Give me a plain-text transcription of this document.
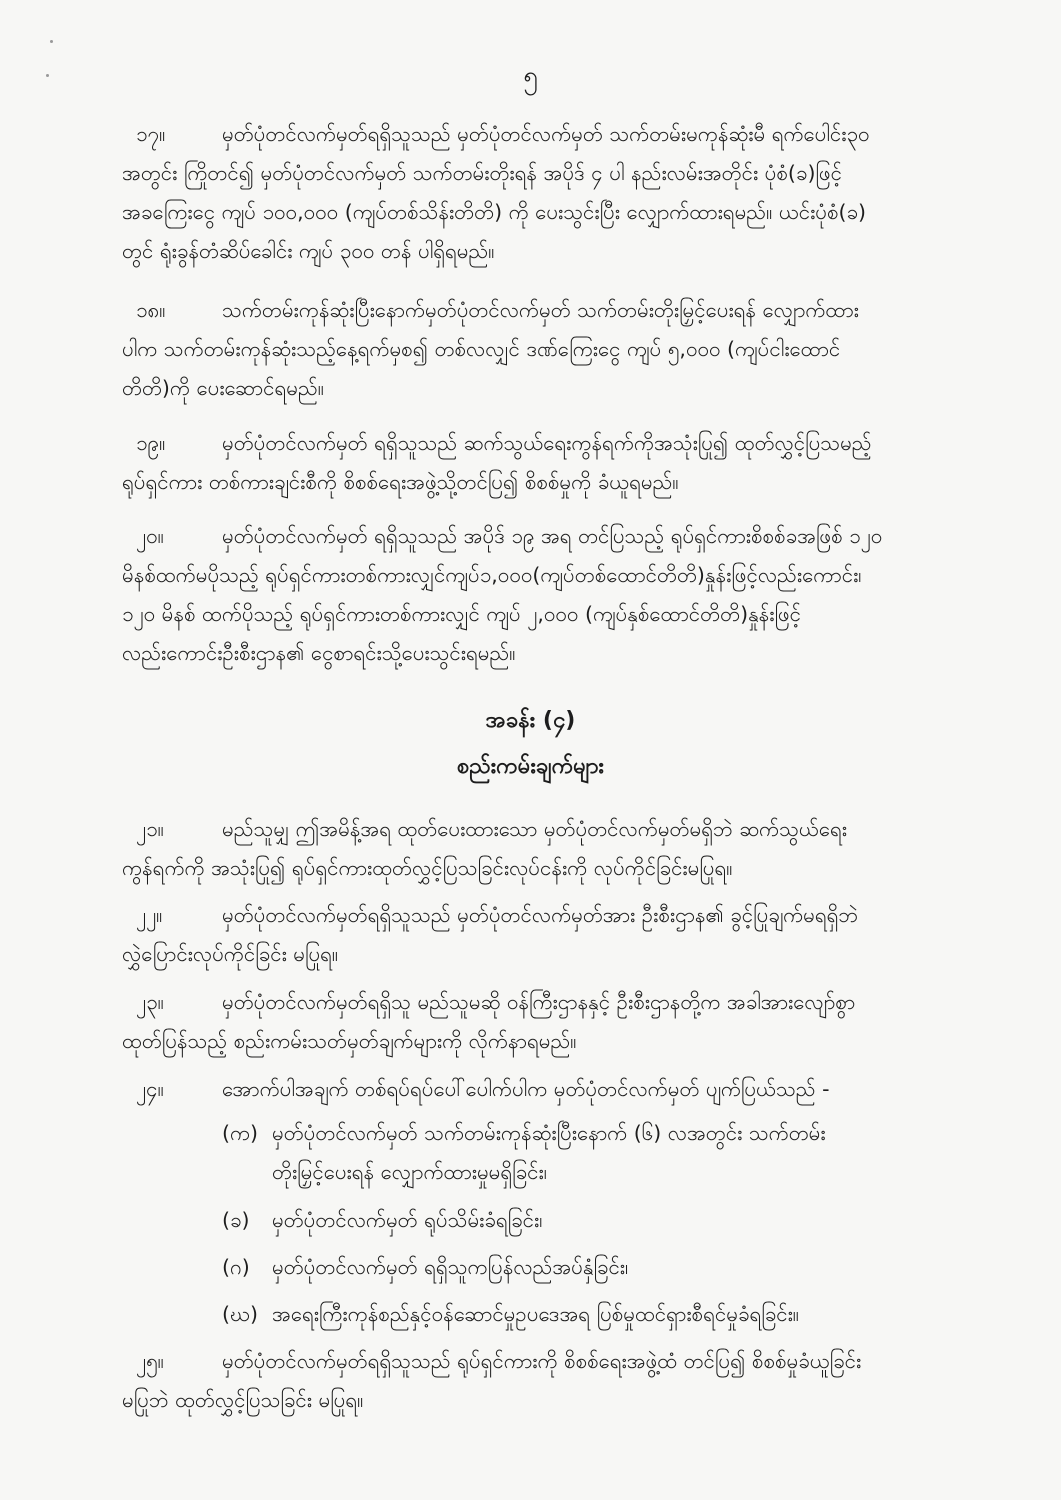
၅
၁၇။	မှတ်ပုံတင်လက်မှတ်ရရှိသူသည် မှတ်ပုံတင်လက်မှတ် သက်တမ်းမကုန်ဆုံးမီ ရက်ပေါင်း၃၀
အတွင်း ကြိုတင်၍ မှတ်ပုံတင်လက်မှတ် သက်တမ်းတိုးရန် အပိုဒ် ၄ ပါ နည်းလမ်းအတိုင်း ပုံစံ(ခ)ဖြင့်
အခကြေးငွေ ကျပ် ၁၀၀,၀၀၀ (ကျပ်တစ်သိန်းတိတိ) ကို ပေးသွင်းပြီး လျှောက်ထားရမည်။ ယင်းပုံစံ(ခ)
တွင် ရုံးခွန်တံဆိပ်ခေါင်း ကျပ် ၃၀၀ တန် ပါရှိရမည်။
၁၈။	သက်တမ်းကုန်ဆုံးပြီးနောက်မှတ်ပုံတင်လက်မှတ် သက်တမ်းတိုးမြှင့်ပေးရန် လျှောက်ထား
ပါက သက်တမ်းကုန်ဆုံးသည့်နေ့ရက်မှစ၍ တစ်လလျှင် ဒဏ်ကြေးငွေ ကျပ် ၅,၀၀၀ (ကျပ်ငါးထောင်
တိတိ)ကို ပေးဆောင်ရမည်။
၁၉။	မှတ်ပုံတင်လက်မှတ် ရရှိသူသည် ဆက်သွယ်ရေးကွန်ရက်ကိုအသုံးပြု၍ ထုတ်လွှင့်ပြသမည့်
ရုပ်ရှင်ကား တစ်ကားချင်းစီကို စိစစ်ရေးအဖွဲ့သို့တင်ပြ၍ စိစစ်မှုကို ခံယူရမည်။
၂၀။	မှတ်ပုံတင်လက်မှတ် ရရှိသူသည် အပိုဒ် ၁၉ အရ တင်ပြသည့် ရုပ်ရှင်ကားစိစစ်ခအဖြစ် ၁၂၀
မိနစ်ထက်မပိုသည့် ရုပ်ရှင်ကားတစ်ကားလျှင်ကျပ်၁,၀၀၀(ကျပ်တစ်ထောင်တိတိ)နှုန်းဖြင့်လည်းကောင်း၊
၁၂၀ မိနစ် ထက်ပိုသည့် ရုပ်ရှင်ကားတစ်ကားလျှင် ကျပ် ၂,၀၀၀ (ကျပ်နှစ်ထောင်တိတိ)နှုန်းဖြင့်
လည်းကောင်းဦးစီးဌာန၏ ငွေစာရင်းသို့ပေးသွင်းရမည်။
အခန်း (၄)
စည်းကမ်းချက်များ
၂၁။	မည်သူမျှ ဤအမိန့်အရ ထုတ်ပေးထားသော မှတ်ပုံတင်လက်မှတ်မရှိဘဲ ဆက်သွယ်ရေး
ကွန်ရက်ကို အသုံးပြု၍ ရုပ်ရှင်ကားထုတ်လွှင့်ပြသခြင်းလုပ်ငန်းကို လုပ်ကိုင်ခြင်းမပြုရ။
၂၂။	မှတ်ပုံတင်လက်မှတ်ရရှိသူသည် မှတ်ပုံတင်လက်မှတ်အား ဦးစီးဌာန၏ ခွင့်ပြုချက်မရရှိဘဲ
လွှဲပြောင်းလုပ်ကိုင်ခြင်း မပြုရ။
၂၃။	မှတ်ပုံတင်လက်မှတ်ရရှိသူ မည်သူမဆို ဝန်ကြီးဌာနနှင့် ဦးစီးဌာနတို့က အခါအားလျော်စွာ
ထုတ်ပြန်သည့် စည်းကမ်းသတ်မှတ်ချက်များကို လိုက်နာရမည်။
၂၄။	အောက်ပါအချက် တစ်ရပ်ရပ်ပေါ်ပေါက်ပါက မှတ်ပုံတင်လက်မှတ် ပျက်ပြယ်သည် -
(က) မှတ်ပုံတင်လက်မှတ် သက်တမ်းကုန်ဆုံးပြီးနောက် (၆) လအတွင်း သက်တမ်း
တိုးမြှင့်ပေးရန် လျှောက်ထားမှုမရှိခြင်း၊
(ခ) မှတ်ပုံတင်လက်မှတ် ရုပ်သိမ်းခံရခြင်း၊
(ဂ) မှတ်ပုံတင်လက်မှတ် ရရှိသူကပြန်လည်အပ်နှံခြင်း၊
(ဃ) အရေးကြီးကုန်စည်နှင့်ဝန်ဆောင်မှုဥပဒေအရ ပြစ်မှုထင်ရှားစီရင်မှုခံရခြင်း။
၂၅။	မှတ်ပုံတင်လက်မှတ်ရရှိသူသည် ရုပ်ရှင်ကားကို စိစစ်ရေးအဖွဲ့ထံ တင်ပြ၍ စိစစ်မှုခံယူခြင်း
မပြုဘဲ ထုတ်လွှင့်ပြသခြင်း မပြုရ။
